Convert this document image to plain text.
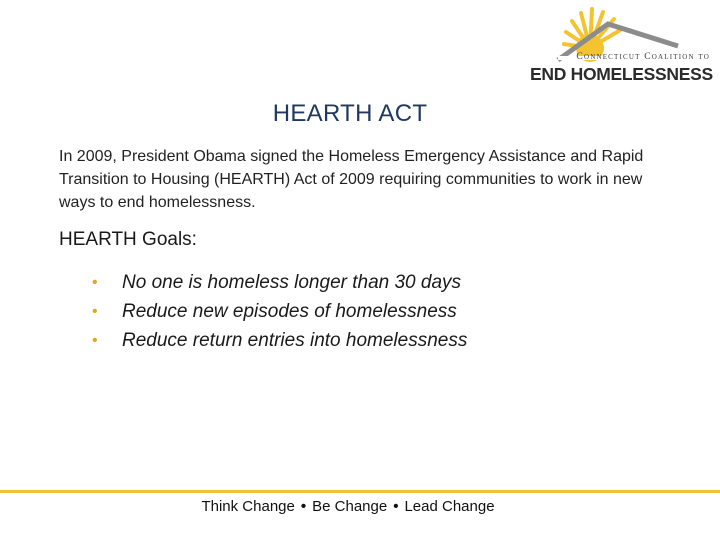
Connecticut Coalition to
END HOMELESSNESS
HEARTH ACT
In 2009, President Obama signed the Homeless Emergency Assistance and Rapid Transition to Housing (HEARTH) Act of 2009 requiring communities to work in new ways to end homelessness.
HEARTH Goals:
• No one is homeless longer than 30 days
• Reduce new episodes of homelessness
• Reduce return entries into homelessness
Think Change • Be Change • Lead Change
